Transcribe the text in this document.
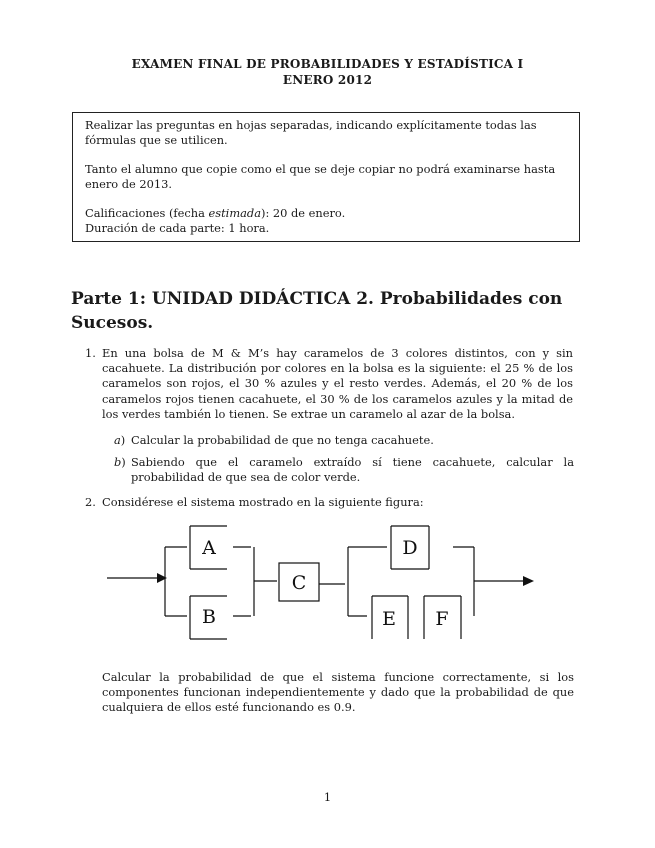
EXAMEN FINAL DE PROBABILIDADES Y ESTADÍSTICA I
ENERO 2012

Realizar las preguntas en hojas separadas, indicando explícitamente todas las fórmulas que se utilicen.

Tanto el alumno que copie como el que se deje copiar no podrá examinarse hasta enero de 2013.

Calificaciones (fecha estimada): 20 de enero.

Duración de cada parte: 1 hora.

Parte 1: UNIDAD DIDÁCTICA 2. Probabilidades con Sucesos.
1. En una bolsa de M & M’s hay caramelos de 3 colores distintos, con y sin cacahuete. La distribución por colores en la bolsa es la siguiente: el 25 % de los caramelos son rojos, el 30 % azules y el resto verdes. Además, el 20 % de los caramelos rojos tienen cacahuete, el 30 % de los caramelos azules y la mitad de los verdes también lo tienen. Se extrae un caramelo al azar de la bolsa.
a) Calcular la probabilidad de que no tenga cacahuete.
b) Sabiendo que el caramelo extraído sí tiene cacahuete, calcular la probabilidad de que sea de color verde.
2. Considérese el sistema mostrado en la siguiente figura:
A
B
C
D
E F
Calcular la probabilidad de que el sistema funcione correctamente, si los componentes funcionan independientemente y dado que la probabilidad de que cualquiera de ellos esté funcionando es 0.9.
1
